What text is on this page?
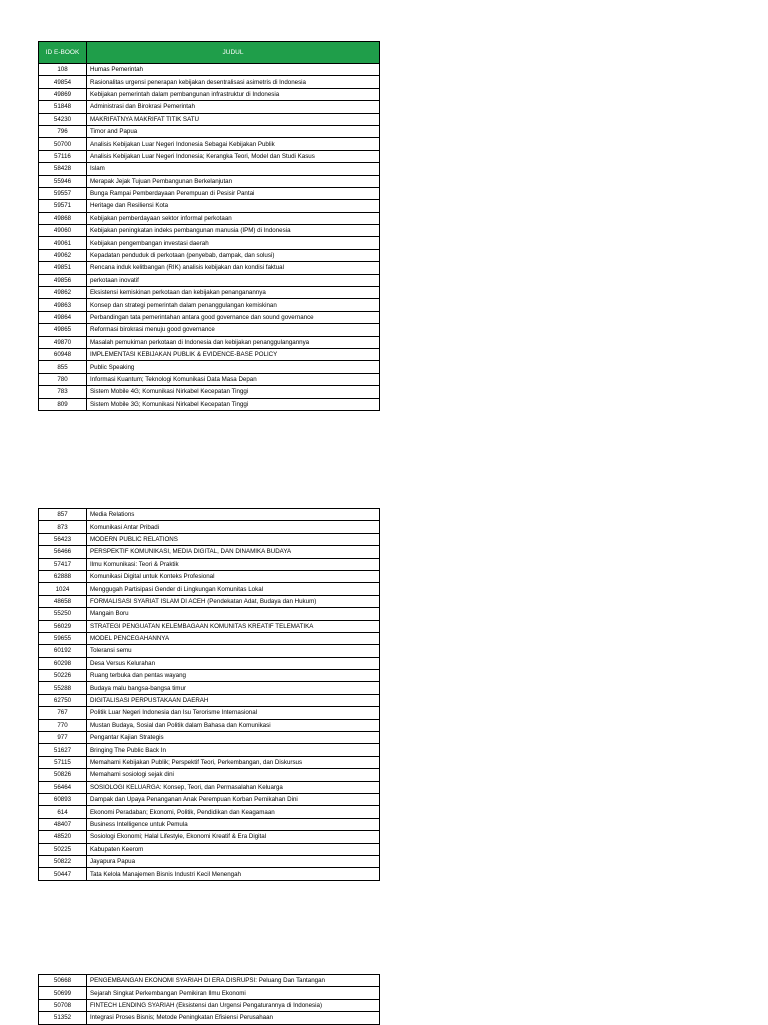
ID E-BOOK	JUDUL
108	Humas Pemerintah
49854	Rasionalitas urgensi penerapan kebijakan desentralisasi asimetris di Indonesia
49869	Kebijakan pemerintah dalam pembangunan infrastruktur di Indonesia
51848	Administrasi dan Birokrasi Pemerintah
54230	MAKRIFATNYA MAKRIFAT TITIK SATU
796	Timor and Papua
50700	Analisis Kebijakan Luar Negeri Indonesia Sebagai Kebijakan Publik
57116	Analisis Kebijakan Luar Negeri Indonesia; Kerangka Teori, Model dan Studi Kasus
58428	Islam
55946	Merapak Jejak Tujuan Pembangunan Berkelanjutan
59557	Bunga Rampai Pemberdayaan Perempuan di Pesisir Pantai
59571	Heritage dan Resiliensi Kota
49868	Kebijakan pemberdayaan sektor informal perkotaan
49060	Kebijakan peningkatan indeks pembangunan manusia (IPM) di Indonesia
49061	Kebijakan pengembangan investasi daerah
49062	Kepadatan penduduk di perkotaan (penyebab, dampak, dan solusi)
49851	Rencana induk kelitbangan (RIK) analisis kebijakan dan kondisi faktual
49856	perkotaan inovatif
49862	Eksistensi kemiskinan perkotaan dan kebijakan penanganannya
49863	Konsep dan strategi pemerintah dalam penanggulangan kemiskinan
49864	Perbandingan tata pemerintahan antara good governance dan sound governance
49865	Reformasi birokrasi menuju good governance
49870	Masalah pemukiman perkotaan di Indonesia dan kebijakan penanggulangannya
60948	IMPLEMENTASI KEBIJAKAN PUBLIK & EVIDENCE-BASE POLICY
855	Public Speaking
780	Informasi Kuantum; Teknologi Komunikasi Data Masa Depan
783	Sistem Mobile 4G; Komunikasi Nirkabel Kecepatan Tinggi
809	Sistem Mobile 3G; Komunikasi Nirkabel Kecepatan Tinggi
857	Media Relations
873	Komunikasi Antar Pribadi
56423	MODERN PUBLIC RELATIONS
56466	PERSPEKTIF KOMUNIKASI, MEDIA DIGITAL, DAN DINAMIKA BUDAYA
57417	Ilmu Komunikasi: Teori & Praktik
62888	Komunikasi Digital untuk Konteks Profesional
1024	Menggugah Partisipasi Gender di Lingkungan Komunitas Lokal
48658	FORMALISASI SYARIAT ISLAM DI ACEH (Pendekatan Adat, Budaya dan Hukum)
55250	Mangain Boru
56029	STRATEGI PENGUATAN KELEMBAGAAN KOMUNITAS KREATIF TELEMATIKA
59655	MODEL PENCEGAHANNYA
60192	Toleransi semu
60298	Desa Versus Kelurahan
50226	Ruang terbuka dan pentas wayang
55288	Budaya malu bangsa-bangsa timur
62750	DIGITALISASI PERPUSTAKAAN DAERAH
767	Politik Luar Negeri Indonesia dan Isu Terorisme Internasional
770	Mustan Budaya, Sosial dan Politik dalam Bahasa dan Komunikasi
977	Pengantar Kajian Strategis
51627	Bringing The Public Back In
57115	Memahami Kebijakan Publik; Perspektif Teori, Perkembangan, dan Diskursus
50826	Memahami sosiologi sejak dini
56464	SOSIOLOGI KELUARGA: Konsep, Teori, dan Permasalahan Keluarga
60893	Dampak dan Upaya Penanganan Anak Perempuan Korban Pernikahan Dini
614	Ekonomi Peradaban; Ekonomi, Politik, Pendidikan dan Keagamaan
48407	Business Intelligence untuk Pemula
48520	Sosiologi Ekonomi; Halal Lifestyle, Ekonomi Kreatif & Era Digital
50225	Kabupaten Keerom
50822	Jayapura Papua
50447	Tata Kelola Manajemen Bisnis Industri Kecil Menengah
50668	PENGEMBANGAN EKONOMI SYARIAH DI ERA DISRUPSI: Peluang Dan Tantangan
50699	Sejarah Singkat Perkembangan Pemikiran Ilmu Ekonomi
50708	FINTECH LENDING SYARIAH (Eksistensi dan Urgensi Pengaturannya di Indonesia)
51352	Integrasi Proses Bisnis; Metode Peningkatan Efisiensi Perusahaan
